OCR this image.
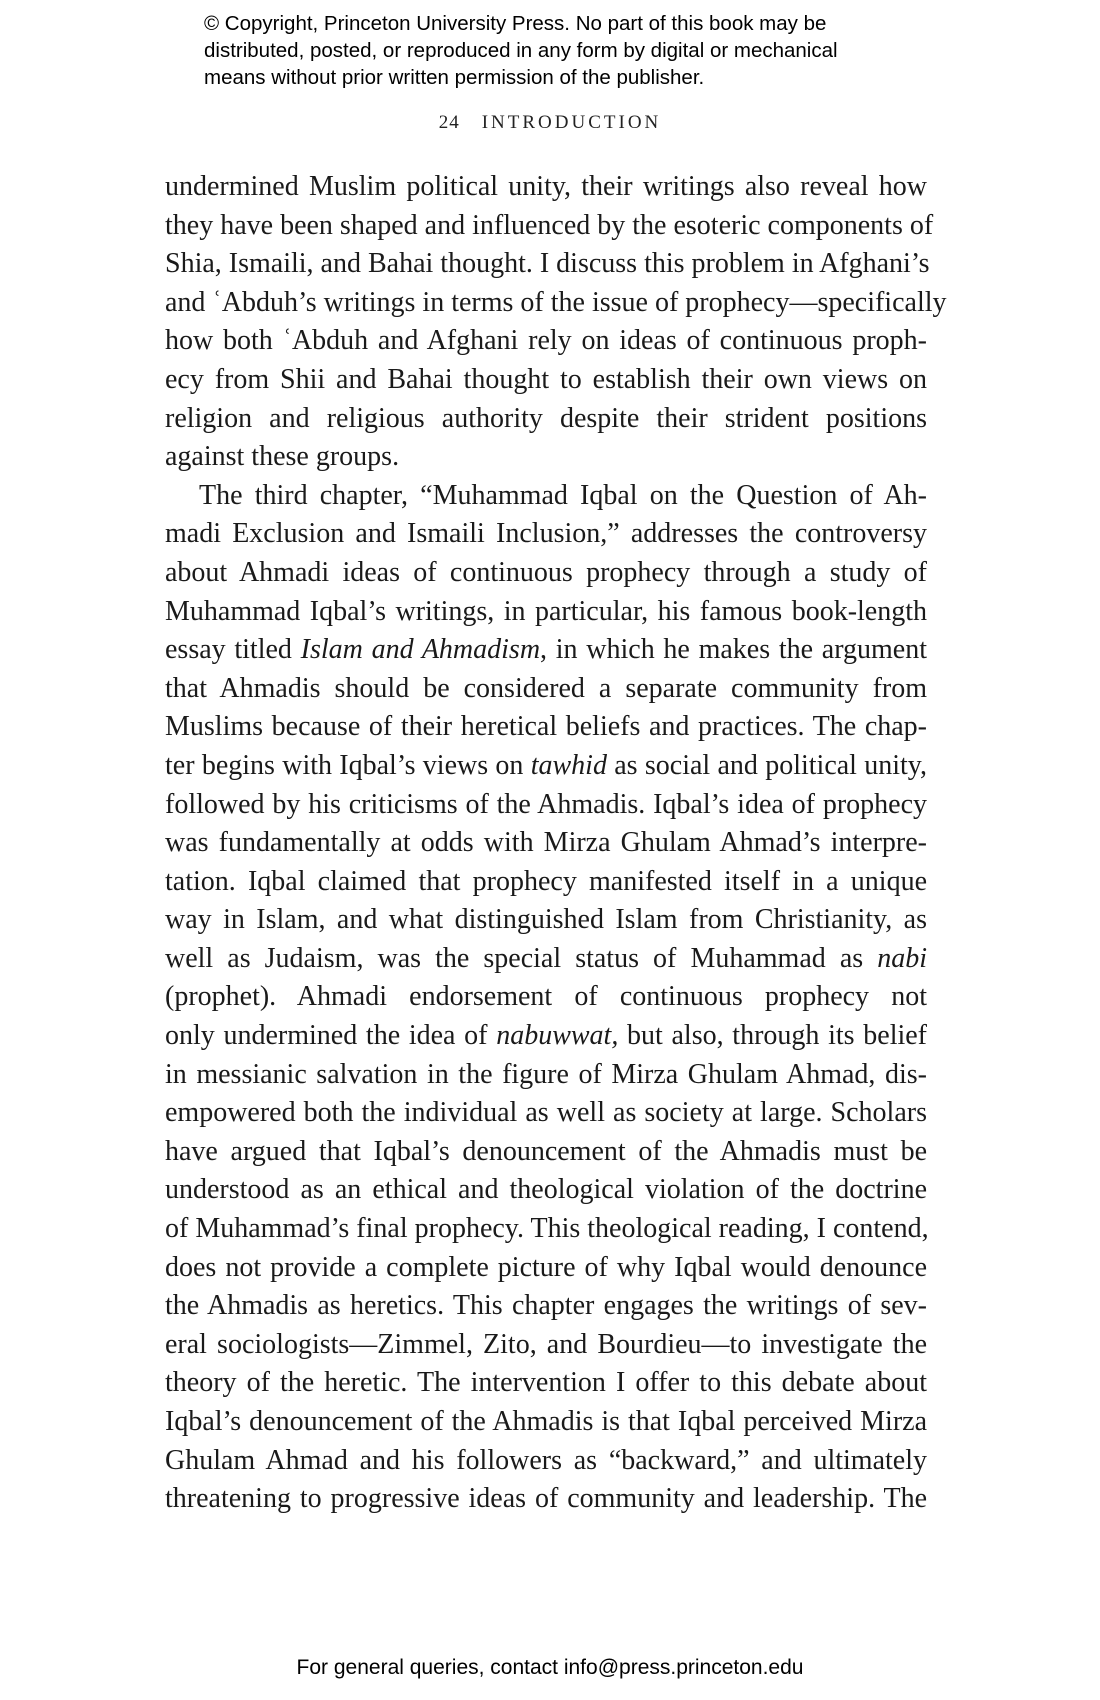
© Copyright, Princeton University Press. No part of this book may be
distributed, posted, or reproduced in any form by digital or mechanical
means without prior written permission of the publisher.
24 INTRODUCTION
undermined Muslim political unity, their writings also reveal how
they have been shaped and influenced by the esoteric components of
Shia, Ismaili, and Bahai thought. I discuss this problem in Afghani’s
and ʿAbduh’s writings in terms of the issue of prophecy—specifically
how both ʿAbduh and Afghani rely on ideas of continuous proph-
ecy from Shii and Bahai thought to establish their own views on
religion and religious authority despite their strident positions
against these groups.
The third chapter, “Muhammad Iqbal on the Question of Ah-
madi Exclusion and Ismaili Inclusion,” addresses the controversy
about Ahmadi ideas of continuous prophecy through a study of
Muhammad Iqbal’s writings, in particular, his famous book-length
essay titled Islam and Ahmadism, in which he makes the argument
that Ahmadis should be considered a separate community from
Muslims because of their heretical beliefs and practices. The chap-
ter begins with Iqbal’s views on tawhid as social and political unity,
followed by his criticisms of the Ahmadis. Iqbal’s idea of prophecy
was fundamentally at odds with Mirza Ghulam Ahmad’s interpre-
tation. Iqbal claimed that prophecy manifested itself in a unique
way in Islam, and what distinguished Islam from Christianity, as
well as Judaism, was the special status of Muhammad as nabi
(prophet). Ahmadi endorsement of continuous prophecy not
only undermined the idea of nabuwwat, but also, through its belief
in messianic salvation in the figure of Mirza Ghulam Ahmad, dis-
empowered both the individual as well as society at large. Scholars
have argued that Iqbal’s denouncement of the Ahmadis must be
understood as an ethical and theological violation of the doctrine
of Muhammad’s final prophecy. This theological reading, I contend,
does not provide a complete picture of why Iqbal would denounce
the Ahmadis as heretics. This chapter engages the writings of sev-
eral sociologists—Zimmel, Zito, and Bourdieu—to investigate the
theory of the heretic. The intervention I offer to this debate about
Iqbal’s denouncement of the Ahmadis is that Iqbal perceived Mirza
Ghulam Ahmad and his followers as “backward,” and ultimately
threatening to progressive ideas of community and leadership. The
For general queries, contact info@press.princeton.edu
